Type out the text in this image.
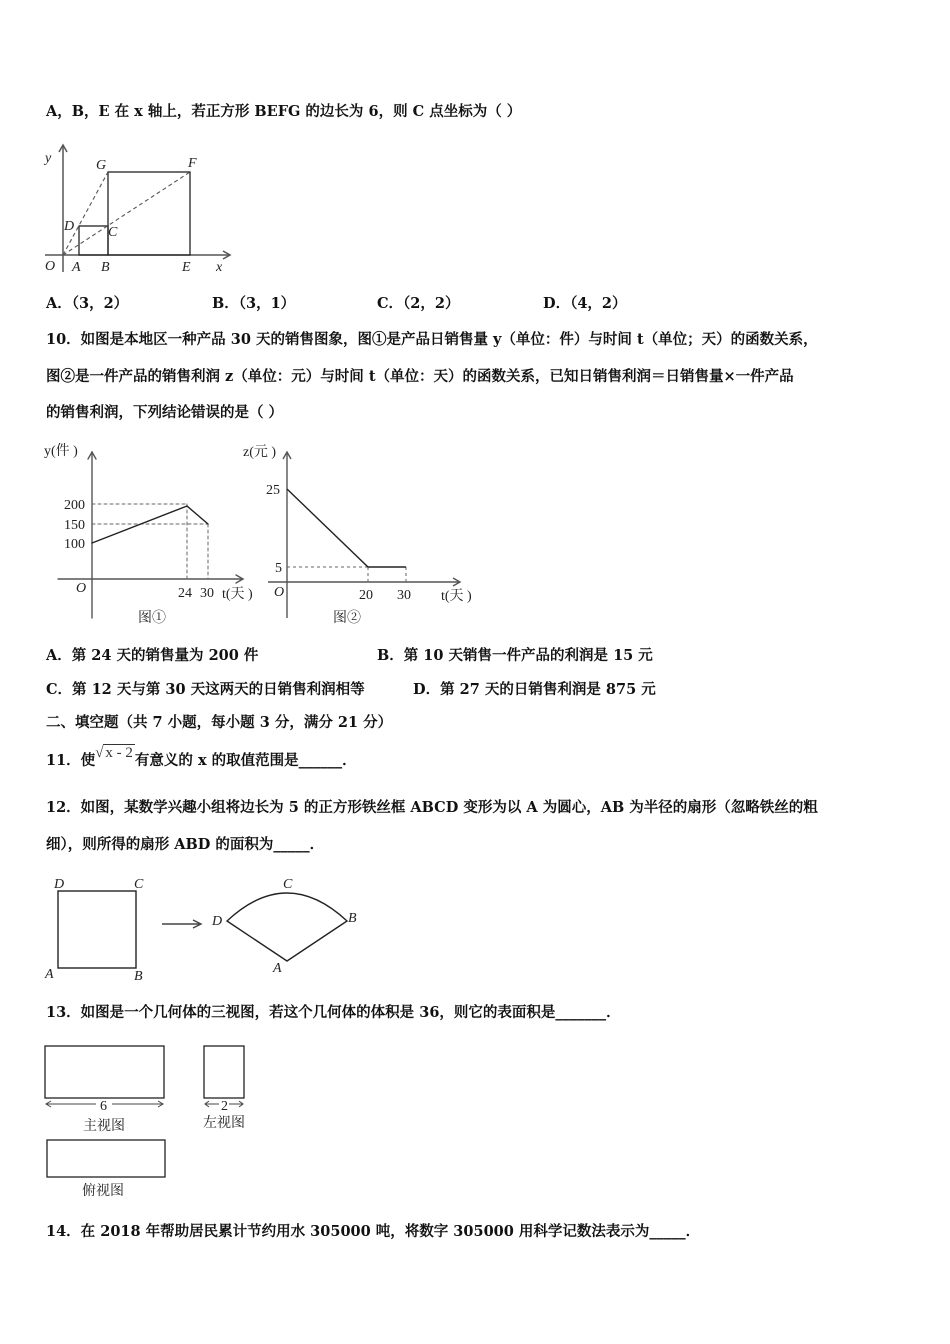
A，B，E 在 x 轴上，若正方形 BEFG 的边长为 6，则 C 点坐标为（ ）
y	G	F
D C
O A B	E x
A．（3，2）	B．（3，1）	C．（2，2）	D．（4，2）
10．如图是本地区一种产品 30 天的销售图象，图①是产品日销售量 y（单位：件）与时间 t（单位；天）的函数关系，
图②是一件产品的销售利润 z（单位：元）与时间 t（单位：天）的函数关系，已知日销售利润＝日销售量×一件产品
的销售利润，下列结论错误的是（ ）
y(件 )
200
150
100
O	24 30 t(天 )
图①
z(元 )
25
5
O	20 30 t(天 )
图②
A．第 24 天的销售量为 200 件	B．第 10 天销售一件产品的利润是 15 元
C．第 12 天与第 30 天这两天的日销售利润相等	D．第 27 天的日销售利润是 875 元
二、填空题（共 7 小题，每小题 3 分，满分 21 分）
11．使√ x - 2 有意义的 x 的取值范围是______．
12．如图，某数学兴趣小组将边长为 5 的正方形铁丝框 ABCD 变形为以 A 为圆心，AB 为半径的扇形（忽略铁丝的粗
细），则所得的扇形 ABD 的面积为_____．
D	C
A	B
D
C
B
A
13．如图是一个几何体的三视图，若这个几何体的体积是 36，则它的表面积是_______．
6
主视图
2
左视图
俯视图
14．在 2018 年帮助居民累计节约用水 305000 吨，将数字 305000 用科学记数法表示为_____．
